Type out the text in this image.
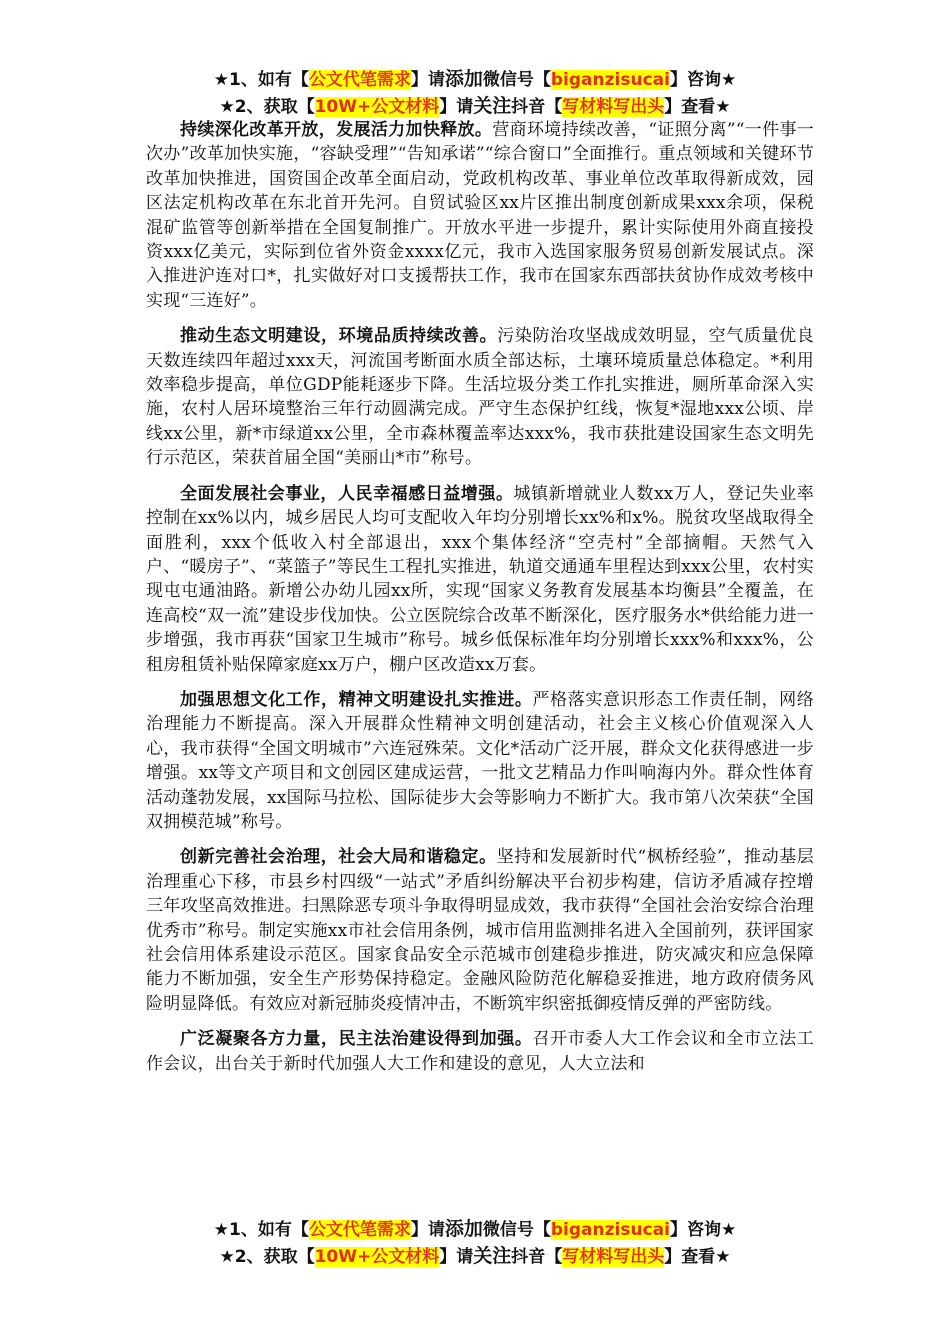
★1、如有【公文代笔需求】请添加微信号【biganzisucai】咨询★
★2、获取【10W+公文材料】请关注抖音【写材料写出头】查看★

持续深化改革开放，发展活力加快释放。营商环境持续改善，“证照分离”“一件事一次办”改革加快实施，“容缺受理”“告知承诺”“综合窗口”全面推行。重点领域和关键环节改革加快推进，国资国企改革全面启动，党政机构改革、事业单位改革取得新成效，园区法定机构改革在东北首开先河。自贸试验区xx片区推出制度创新成果xxx余项，保税混矿监管等创新举措在全国复制推广。开放水平进一步提升，累计实际使用外商直接投资xxx亿美元，实际到位省外资金xxxx亿元，我市入选国家服务贸易创新发展试点。深入推进沪连对口*，扎实做好对口支援帮扶工作，我市在国家东西部扶贫协作成效考核中实现“三连好”。

推动生态文明建设，环境品质持续改善。污染防治攻坚战成效明显，空气质量优良天数连续四年超过xxx天，河流国考断面水质全部达标，土壤环境质量总体稳定。*利用效率稳步提高，单位GDP能耗逐步下降。生活垃圾分类工作扎实推进，厕所革命深入实施，农村人居环境整治三年行动圆满完成。严守生态保护红线，恢复*湿地xxx公顷、岸线xx公里，新*市绿道xx公里，全市森林覆盖率达xxx%，我市获批建设国家生态文明先行示范区，荣获首届全国“美丽山*市”称号。

全面发展社会事业，人民幸福感日益增强。城镇新增就业人数xx万人，登记失业率控制在xx%以内，城乡居民人均可支配收入年均分别增长xx%和x%。脱贫攻坚战取得全面胜利，xxx个低收入村全部退出，xxx个集体经济“空壳村”全部摘帽。天然气入户、“暖房子”、“菜篮子”等民生工程扎实推进，轨道交通通车里程达到xxx公里，农村实现屯屯通油路。新增公办幼儿园xx所，实现“国家义务教育发展基本均衡县”全覆盖，在连高校“双一流”建设步伐加快。公立医院综合改革不断深化，医疗服务水*供给能力进一步增强，我市再获“国家卫生城市”称号。城乡低保标准年均分别增长xxx%和xxx%，公租房租赁补贴保障家庭xx万户，棚户区改造xx万套。

加强思想文化工作，精神文明建设扎实推进。严格落实意识形态工作责任制，网络治理能力不断提高。深入开展群众性精神文明创建活动，社会主义核心价值观深入人心，我市获得“全国文明城市”六连冠殊荣。文化*活动广泛开展，群众文化获得感进一步增强。xx等文产项目和文创园区建成运营，一批文艺精品力作叫响海内外。群众性体育活动蓬勃发展，xx国际马拉松、国际徒步大会等影响力不断扩大。我市第八次荣获“全国双拥模范城”称号。

创新完善社会治理，社会大局和谐稳定。坚持和发展新时代“枫桥经验”，推动基层治理重心下移，市县乡村四级“一站式”矛盾纠纷解决平台初步构建，信访矛盾减存控增三年攻坚高效推进。扫黑除恶专项斗争取得明显成效，我市获得“全国社会治安综合治理优秀市”称号。制定实施xx市社会信用条例，城市信用监测排名进入全国前列，获评国家社会信用体系建设示范区。国家食品安全示范城市创建稳步推进，防灾减灾和应急保障能力不断加强，安全生产形势保持稳定。金融风险防范化解稳妥推进，地方政府债务风险明显降低。有效应对新冠肺炎疫情冲击，不断筑牢织密抵御疫情反弹的严密防线。

广泛凝聚各方力量，民主法治建设得到加强。召开市委人大工作会议和全市立法工作会议，出台关于新时代加强人大工作和建设的意见，人大立法和

★1、如有【公文代笔需求】请添加微信号【biganzisucai】咨询★
★2、获取【10W+公文材料】请关注抖音【写材料写出头】查看★
